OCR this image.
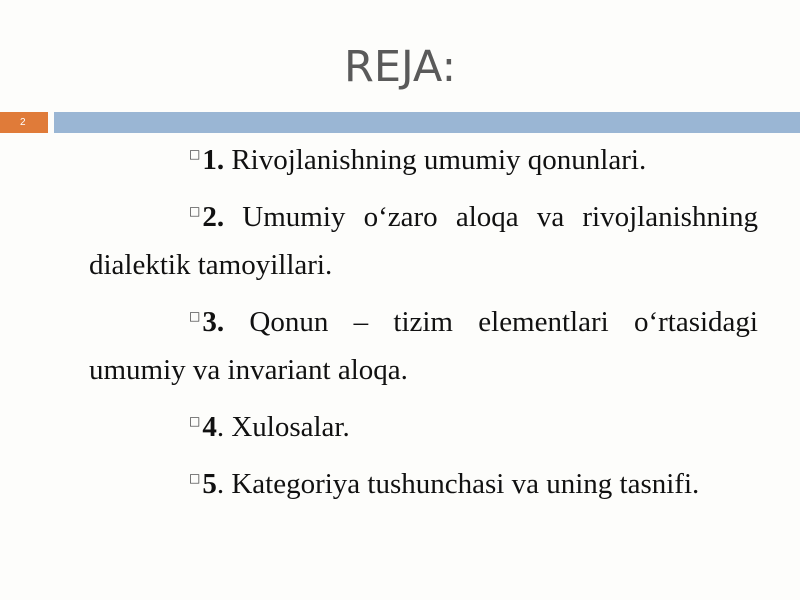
REJA:
2

□1. Rivojlanishning umumiy qonunlari.

□2. Umumiy o‘zaro aloqa va rivojlanishning dialektik tamoyillari.

□3. Qonun – tizim elementlari o‘rtasidagi umumiy va invariant aloqa.

□4. Xulosalar.

□5. Kategoriya tushunchasi va uning tasnifi.
